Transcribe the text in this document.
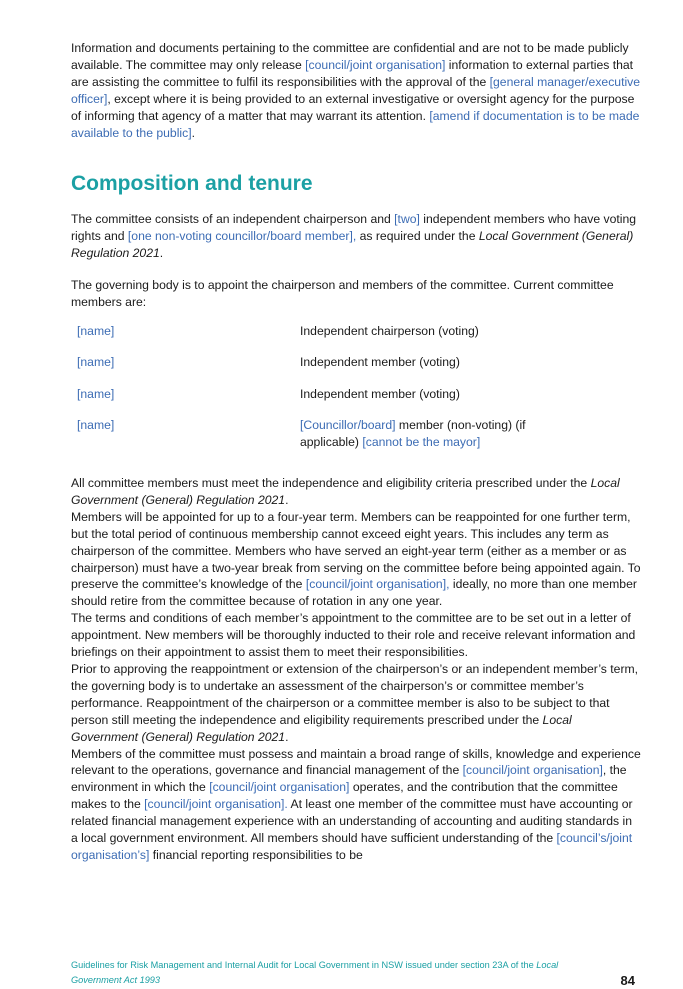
Information and documents pertaining to the committee are confidential and are not to be made publicly available. The committee may only release [council/joint organisation] information to external parties that are assisting the committee to fulfil its responsibilities with the approval of the [general manager/executive officer], except where it is being provided to an external investigative or oversight agency for the purpose of informing that agency of a matter that may warrant its attention. [amend if documentation is to be made available to the public].

Composition and tenure

The committee consists of an independent chairperson and [two] independent members who have voting rights and [one non-voting councillor/board member], as required under the Local Government (General) Regulation 2021.

The governing body is to appoint the chairperson and members of the committee. Current committee members are:

[name]	Independent chairperson (voting)
[name]	Independent member (voting)
[name]	Independent member (voting)
[name]	[Councillor/board] member (non-voting) (if applicable) [cannot be the mayor]

All committee members must meet the independence and eligibility criteria prescribed under the Local Government (General) Regulation 2021.

Members will be appointed for up to a four-year term. Members can be reappointed for one further term, but the total period of continuous membership cannot exceed eight years. This includes any term as chairperson of the committee. Members who have served an eight-year term (either as a member or as chairperson) must have a two-year break from serving on the committee before being appointed again. To preserve the committee’s knowledge of the [council/joint organisation], ideally, no more than one member should retire from the committee because of rotation in any one year.

The terms and conditions of each member’s appointment to the committee are to be set out in a letter of appointment. New members will be thoroughly inducted to their role and receive relevant information and briefings on their appointment to assist them to meet their responsibilities.

Prior to approving the reappointment or extension of the chairperson’s or an independent member’s term, the governing body is to undertake an assessment of the chairperson’s or committee member’s performance. Reappointment of the chairperson or a committee member is also to be subject to that person still meeting the independence and eligibility requirements prescribed under the Local Government (General) Regulation 2021.

Members of the committee must possess and maintain a broad range of skills, knowledge and experience relevant to the operations, governance and financial management of the [council/joint organisation], the environment in which the [council/joint organisation] operates, and the contribution that the committee makes to the [council/joint organisation]. At least one member of the committee must have accounting or related financial management experience with an understanding of accounting and auditing standards in a local government environment. All members should have sufficient understanding of the [council’s/joint organisation’s] financial reporting responsibilities to be

Guidelines for Risk Management and Internal Audit for Local Government in NSW issued under section 23A of the Local Government Act 1993	84
